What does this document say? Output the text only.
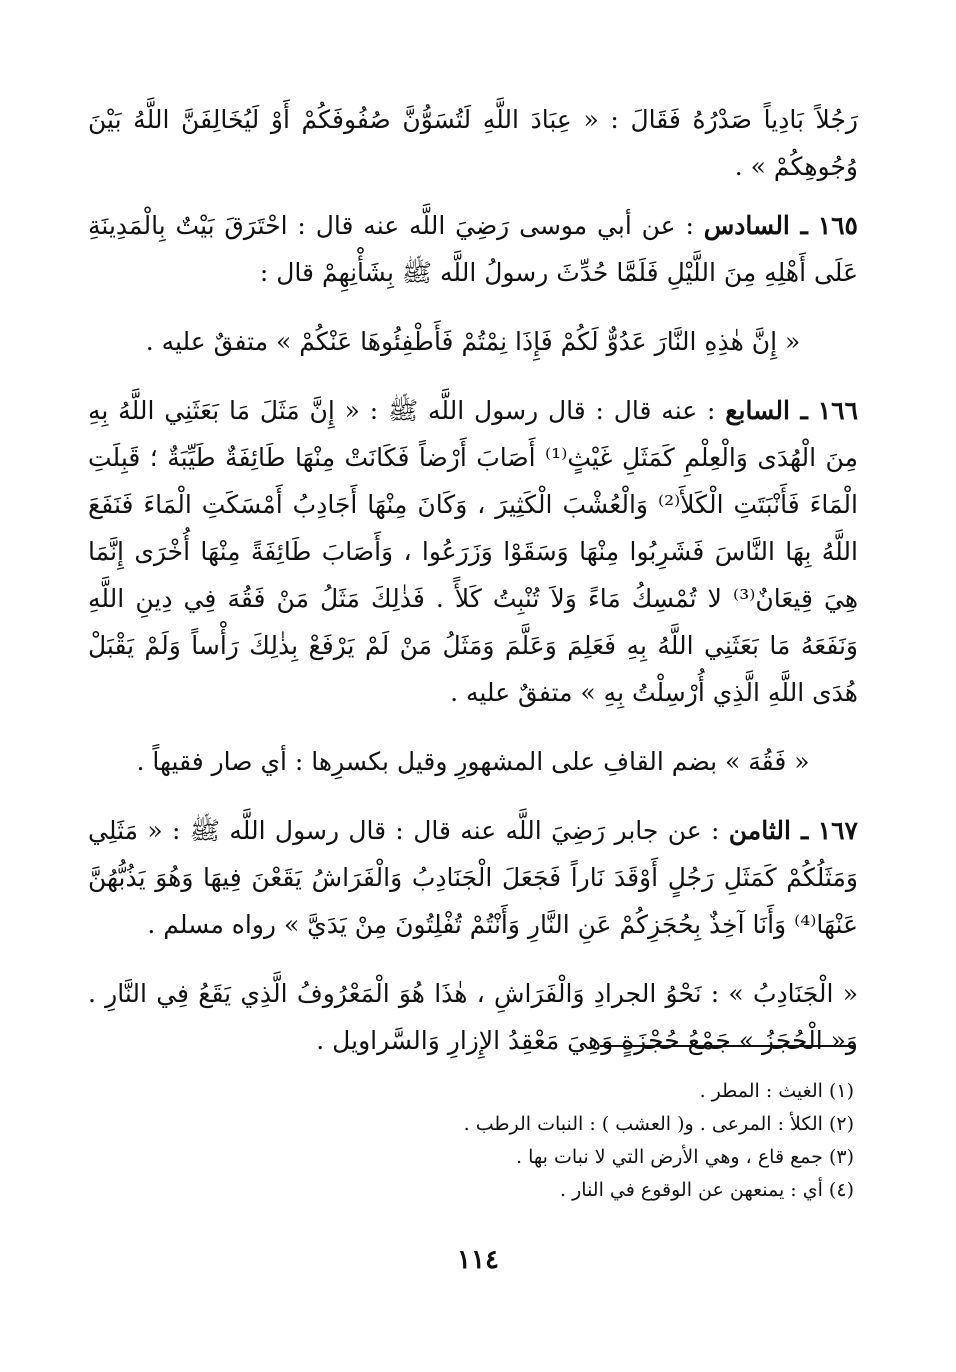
رَجُلاً بَادِياً صَدْرُهُ فَقَالَ : « عِبَادَ اللَّهِ لَتُسَوُّنَّ صُفُوفَكُمْ أَوْ لَيُخَالِفَنَّ اللَّهُ بَيْنَ وُجُوهِكُمْ » .

١٦٥ ـ السادس : عن أبي موسى رَضِيَ اللَّه عنه قال : احْتَرَقَ بَيْتٌ بِالْمَدِينَةِ عَلَى أَهْلِهِ مِنَ اللَّيْلِ فَلَمَّا حُدِّثَ رسولُ اللَّه ﷺ بِشَأْنِهِمْ قال :

« إِنَّ هٰذِهِ النَّارَ عَدُوٌّ لَكُمْ فَإِذَا نِمْتُمْ فَأَطْفِئُوهَا عَنْكُمْ » متفقٌ عليه .

١٦٦ ـ السابع : عنه قال : قال رسول اللَّه ﷺ : « إِنَّ مَثَلَ مَا بَعَثَنِي اللَّهُ بِهِ مِنَ الْهُدَى وَالْعِلْمِ كَمَثَلِ غَيْثٍ⁽¹⁾ أَصَابَ أَرْضاً فَكَانَتْ مِنْهَا طَائِفَةٌ طَيِّبَةٌ ؛ قَبِلَتِ الْمَاءَ فَأَنْبَتَتِ الْكَلأَ⁽²⁾ وَالْعُشْبَ الْكَثِيرَ ، وَكَانَ مِنْهَا أَجَادِبُ أَمْسَكَتِ الْمَاءَ فَنَفَعَ اللَّهُ بِهَا النَّاسَ فَشَرِبُوا مِنْهَا وَسَقَوْا وَزَرَعُوا ، وَأَصَابَ طَائِفَةً مِنْهَا أُخْرَى إِنَّمَا هِيَ قِيعَانٌ⁽³⁾ لا تُمْسِكُ مَاءً وَلاَ تُنْبِتُ كَلأً . فَذٰلِكَ مَثَلُ مَنْ فَقُهَ فِي دِينِ اللَّهِ وَنَفَعَهُ مَا بَعَثَنِي اللَّهُ بِهِ فَعَلِمَ وَعَلَّمَ وَمَثَلُ مَنْ لَمْ يَرْفَعْ بِذٰلِكَ رَأْساً وَلَمْ يَقْبَلْ هُدَى اللَّهِ الَّذِي أُرْسِلْتُ بِهِ » متفقٌ عليه .

« فَقُهَ » بضم القافِ على المشهورِ وقيل بكسرِها : أي صار فقيهاً .

١٦٧ ـ الثامن : عن جابر رَضِيَ اللَّه عنه قال : قال رسول اللَّه ﷺ : « مَثَلِي وَمَثَلُكُمْ كَمَثَلِ رَجُلٍ أَوْقَدَ نَاراً فَجَعَلَ الْجَنَادِبُ وَالْفَرَاشُ يَقَعْنَ فِيهَا وَهُوَ يَذُبُّهُنَّ عَنْهَا⁽⁴⁾ وَأَنَا آخِذٌ بِحُجَزِكُمْ عَنِ النَّارِ وَأَنْتُمْ تُفْلِتُونَ مِنْ يَدَيَّ » رواه مسلم .

« الْجَنَادِبُ » : نَحْوُ الجرادِ وَالْفَرَاشِ ، هٰذَا هُوَ الْمَعْرُوفُ الَّذِي يَقَعُ فِي النَّارِ . وَ« الْحُجَزُ » جَمْعُ حُجْزَةٍ وَهِيَ مَعْقِدُ الإِزارِ وَالسَّراويل .

(١) الغيث : المطر .

(٢) الكلأ : المرعى . و( العشب ) : النبات الرطب .

(٣) جمع قاع ، وهي الأرض التي لا نبات بها .

(٤) أي : يمنعهن عن الوقوع في النار .

١١٤
